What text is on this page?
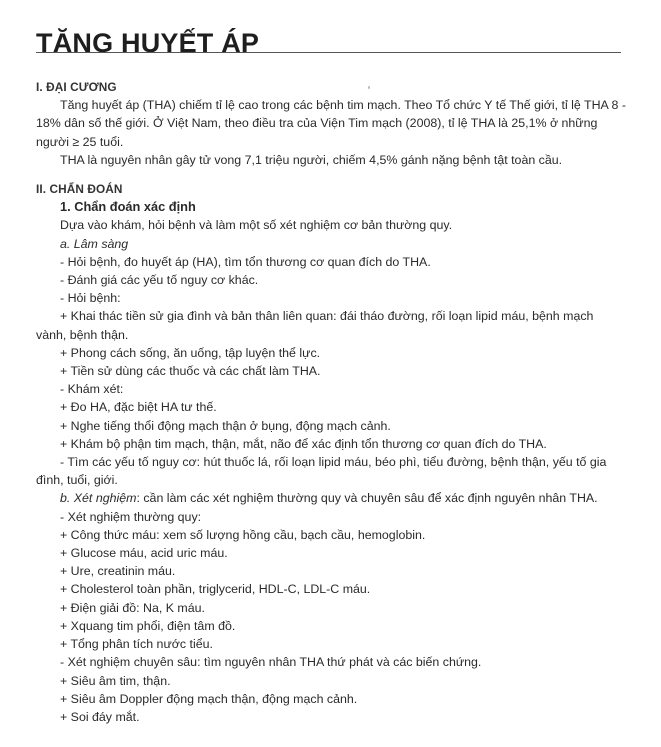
TĂNG HUYẾT ÁP

I. ĐẠI CƯƠNG

Tăng huyết áp (THA) chiếm tỉ lệ cao trong các bệnh tim mạch. Theo Tổ chức Y tế Thế giới, tỉ lệ THA 8 - 18% dân số thế giới. Ở Việt Nam, theo điều tra của Viện Tim mạch (2008), tỉ lệ THA là 25,1% ở những người ≥ 25 tuổi.

THA là nguyên nhân gây tử vong 7,1 triệu người, chiếm 4,5% gánh nặng bệnh tật toàn cầu.

II. CHẨN ĐOÁN

1. Chẩn đoán xác định

Dựa vào khám, hỏi bệnh và làm một số xét nghiệm cơ bản thường quy.

a. Lâm sàng

- Hỏi bệnh, đo huyết áp (HA), tìm tổn thương cơ quan đích do THA.

- Đánh giá các yếu tố nguy cơ khác.

- Hỏi bệnh:

+ Khai thác tiền sử gia đình và bản thân liên quan: đái tháo đường, rối loạn lipid máu, bệnh mạch vành, bệnh thận.

+ Phong cách sống, ăn uống, tập luyện thể lực.

+ Tiền sử dùng các thuốc và các chất làm THA.

- Khám xét:

+ Đo HA, đặc biệt HA tư thế.

+ Nghe tiếng thổi động mạch thận ở bụng, động mạch cảnh.

+ Khám bộ phận tim mạch, thận, mắt, não để xác định tổn thương cơ quan đích do THA.

- Tìm các yếu tố nguy cơ: hút thuốc lá, rối loạn lipid máu, béo phì, tiểu đường, bệnh thận, yếu tố gia đình, tuổi, giới.

b. Xét nghiệm: cần làm các xét nghiệm thường quy và chuyên sâu để xác định nguyên nhân THA.

- Xét nghiệm thường quy:

+ Công thức máu: xem số lượng hồng cầu, bạch cầu, hemoglobin.

+ Glucose máu, acid uric máu.

+ Ure, creatinin máu.

+ Cholesterol toàn phần, triglycerid, HDL-C, LDL-C máu.

+ Điện giải đồ: Na, K máu.

+ Xquang tim phổi, điện tâm đồ.

+ Tổng phân tích nước tiểu.

- Xét nghiệm chuyên sâu: tìm nguyên nhân THA thứ phát và các biến chứng.

+ Siêu âm tim, thận.

+ Siêu âm Doppler động mạch thận, động mạch cảnh.

+ Soi đáy mắt.
